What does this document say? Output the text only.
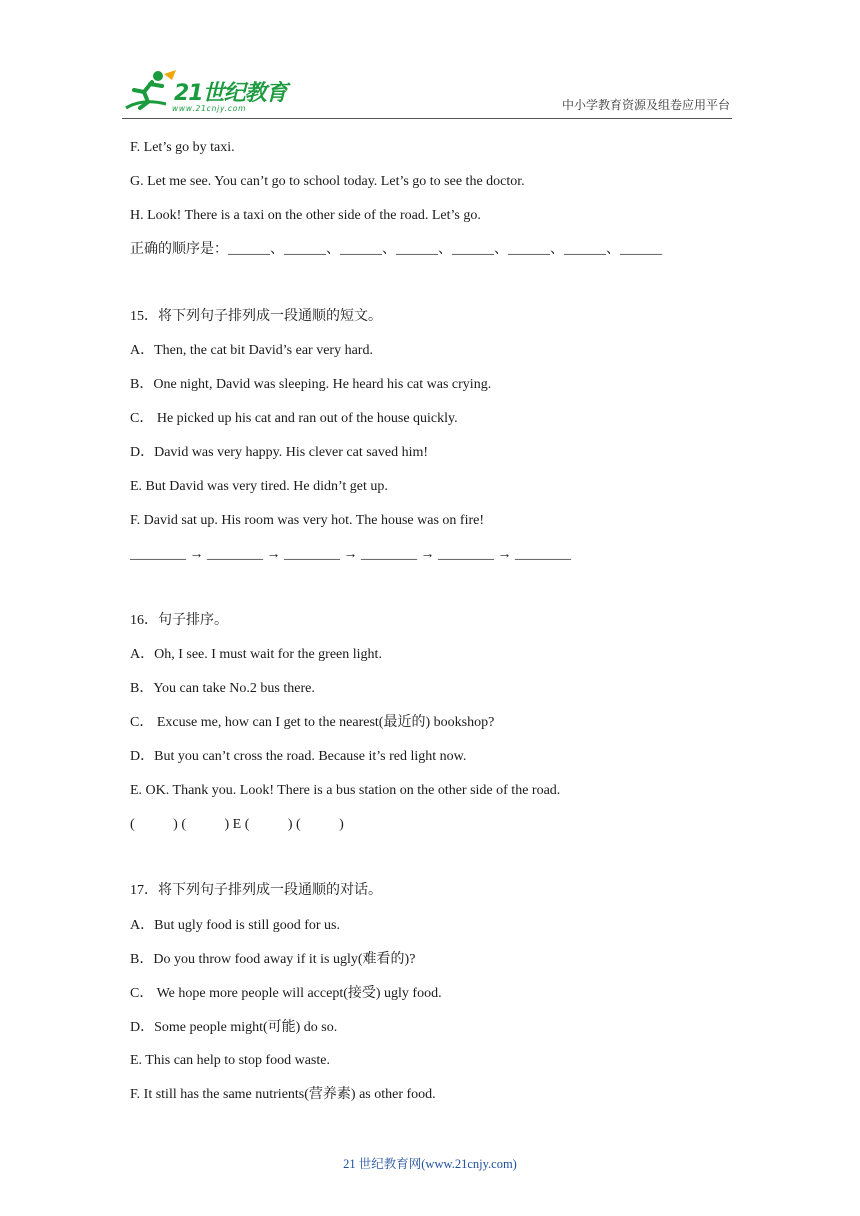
21世纪教育
www.21cnjy.com	中小学教育资源及组卷应用平台
F. Let’s go by taxi.
G. Let me see. You can’t go to school today. Let’s go to see the doctor.
H. Look! There is a taxi on the other side of the road. Let’s go.
正确的顺序是：______、______、______、______、______、______、______、______
15．将下列句子排列成一段通顺的短文。
A．Then, the cat bit David’s ear very hard.
B．One night, David was sleeping. He heard his cat was crying.
C． He picked up his cat and ran out of the house quickly.
D．David was very happy. His clever cat saved him!
E. But David was very tired. He didn’t get up.
F. David sat up. His room was very hot. The house was on fire!
________ → ________ → ________ → ________ → ________ → ________
16．句子排序。
A．Oh, I see. I must wait for the green light.
B．You can take No.2 bus there.
C． Excuse me, how can I get to the nearest(最近的) bookshop?
D．But you can’t cross the road. Because it’s red light now.
E. OK. Thank you. Look! There is a bus station on the other side of the road.
(           ) (           ) E (           ) (           )
17．将下列句子排列成一段通顺的对话。
A．But ugly food is still good for us.
B．Do you throw food away if it is ugly(难看的)?
C． We hope more people will accept(接受) ugly food.
D．Some people might(可能) do so.
E. This can help to stop food waste.
F. It still has the same nutrients(营养素) as other food.
21 世纪教育网(www.21cnjy.com)
